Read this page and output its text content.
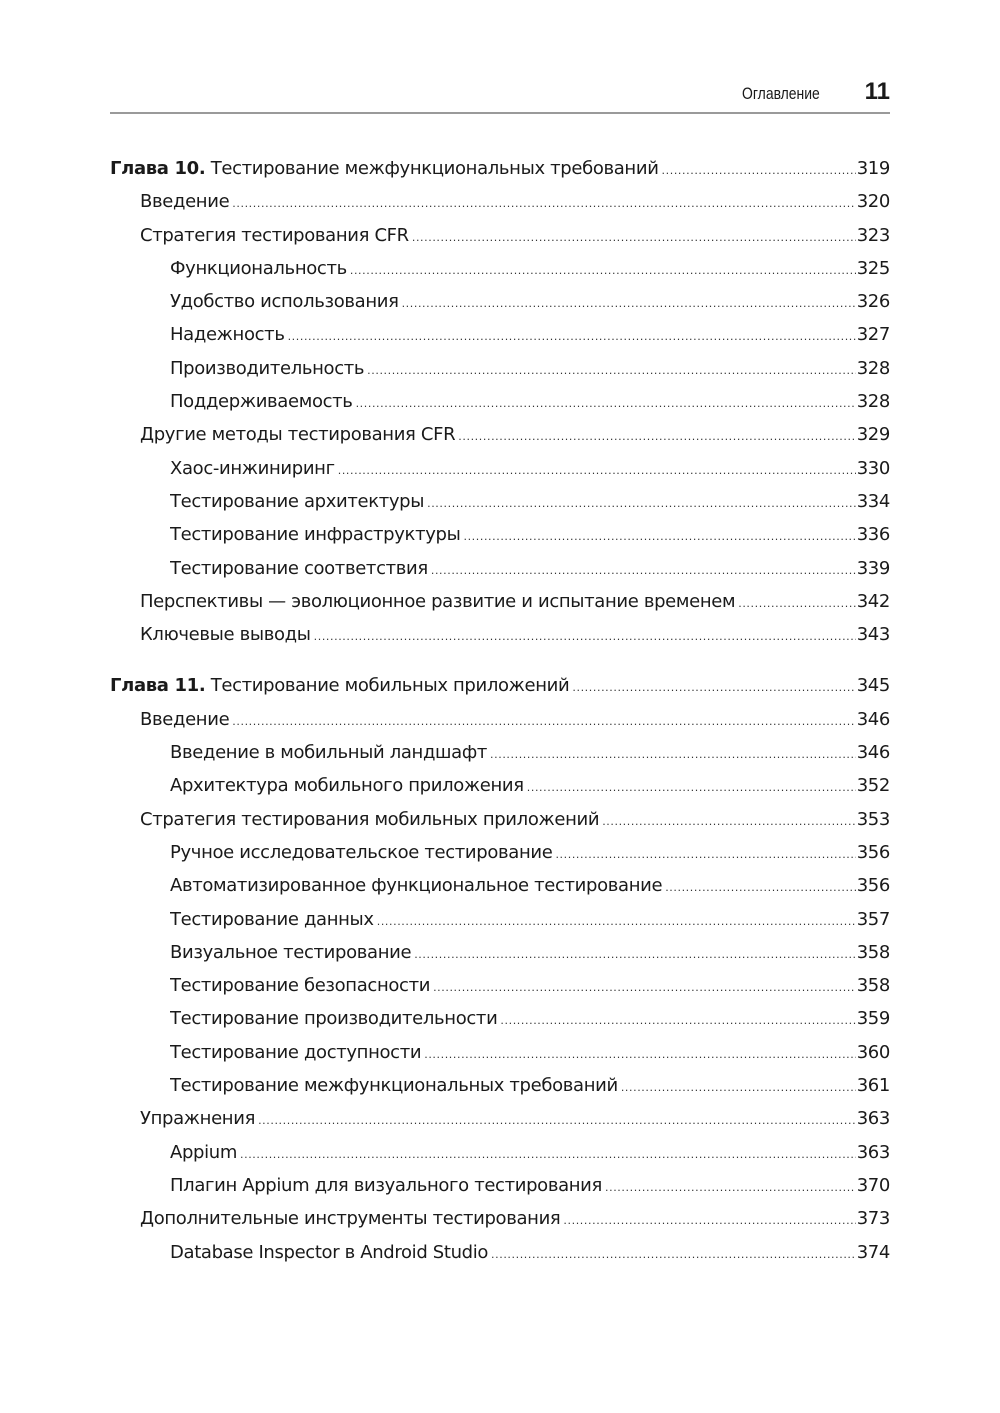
Оглавление 11
Глава 10. Тестирование межфункциональных требований .....	319
Введение .....	320
Стратегия тестирования CFR .....	323
Функциональность .....	325
Удобство использования .....	326
Надежность .....	327
Производительность .....	328
Поддерживаемость .....	328
Другие методы тестирования CFR .....	329
Хаос-инжиниринг .....	330
Тестирование архитектуры .....	334
Тестирование инфраструктуры .....	336
Тестирование соответствия .....	339
Перспективы — эволюционное развитие и испытание временем .....	342
Ключевые выводы .....	343
Глава 11. Тестирование мобильных приложений .....	345
Введение .....	346
Введение в мобильный ландшафт .....	346
Архитектура мобильного приложения .....	352
Стратегия тестирования мобильных приложений .....	353
Ручное исследовательское тестирование .....	356
Автоматизированное функциональное тестирование .....	356
Тестирование данных .....	357
Визуальное тестирование .....	358
Тестирование безопасности .....	358
Тестирование производительности .....	359
Тестирование доступности .....	360
Тестирование межфункциональных требований .....	361
Упражнения .....	363
Appium .....	363
Плагин Appium для визуального тестирования .....	370
Дополнительные инструменты тестирования .....	373
Database Inspector в Android Studio .....	374
